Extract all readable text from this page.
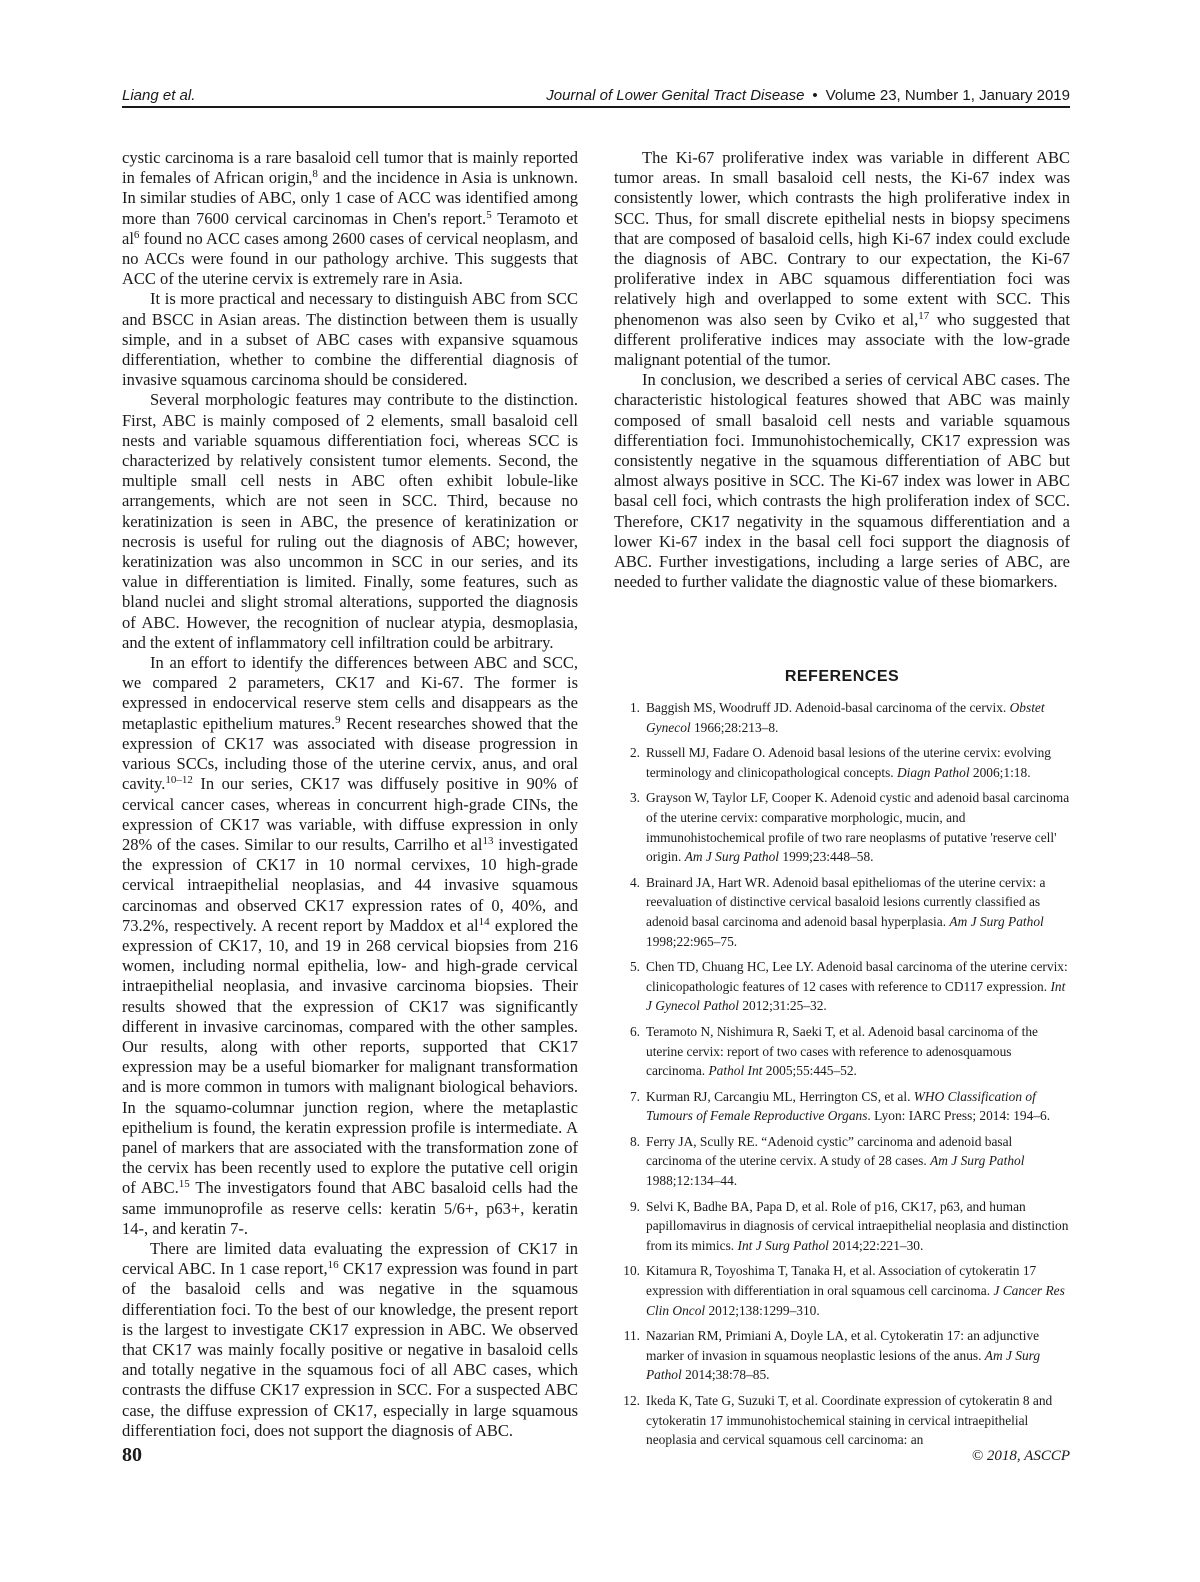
Liang et al.	Journal of Lower Genital Tract Disease • Volume 23, Number 1, January 2019

cystic carcinoma is a rare basaloid cell tumor that is mainly reported in females of African origin,$^8$ and the incidence in Asia is unknown. In similar studies of ABC, only 1 case of ACC was identified among more than 7600 cervical carcinomas in Chen's report.$^5$ Teramoto et $al^6$ found no ACC cases among 2600 cases of cervical neoplasm, and no ACCs were found in our pathology archive. This suggests that ACC of the uterine cervix is extremely rare in Asia.

It is more practical and necessary to distinguish ABC from SCC and BSCC in Asian areas. The distinction between them is usually simple, and in a subset of ABC cases with expansive squamous differentiation, whether to combine the differential diagnosis of invasive squamous carcinoma should be considered.

Several morphologic features may contribute to the distinction. First, ABC is mainly composed of 2 elements, small basaloid cell nests and variable squamous differentiation foci, whereas SCC is characterized by relatively consistent tumor elements. Second, the multiple small cell nests in ABC often exhibit lobule-like arrangements, which are not seen in SCC. Third, because no keratinization is seen in ABC, the presence of keratinization or necrosis is useful for ruling out the diagnosis of ABC; however, keratinization was also uncommon in SCC in our series, and its value in differentiation is limited. Finally, some features, such as bland nuclei and slight stromal alterations, supported the diagnosis of ABC. However, the recognition of nuclear atypia, desmoplasia, and the extent of inflammatory cell infiltration could be arbitrary.

In an effort to identify the differences between ABC and SCC, we compared 2 parameters, CK17 and Ki-67. The former is expressed in endocervical reserve stem cells and disappears as the metaplastic epithelium matures.$^9$ Recent researches showed that the expression of CK17 was associated with disease progression in various SCCs, including those of the uterine cervix, anus, and oral cavity.$^{10-12}$ In our series, CK17 was diffusely positive in 90% of cervical cancer cases, whereas in concurrent high-grade CINs, the expression of CK17 was variable, with diffuse expression in only 28% of the cases. Similar to our results, Carrilho et $al^{13}$ investigated the expression of CK17 in 10 normal cervixes, 10 high-grade cervical intraepithelial neoplasias, and 44 invasive squamous carcinomas and observed CK17 expression rates of 0, 40%, and 73.2%, respectively. A recent report by Maddox et $al^{14}$ explored the expression of CK17, 10, and 19 in 268 cervical biopsies from 216 women, including normal epithelia, low- and high-grade cervical intraepithelial neoplasia, and invasive carcinoma biopsies. Their results showed that the expression of CK17 was significantly different in invasive carcinomas, compared with the other samples. Our results, along with other reports, supported that CK17 expression may be a useful biomarker for malignant transformation and is more common in tumors with malignant biological behaviors. In the squamo-columnar junction region, where the metaplastic epithelium is found, the keratin expression profile is intermediate. A panel of markers that are associated with the transformation zone of the cervix has been recently used to explore the putative cell origin of ABC.$^{15}$ The investigators found that ABC basaloid cells had the same immunoprofile as reserve cells: keratin 5/6+, p63+, keratin 14-, and keratin 7-.

There are limited data evaluating the expression of CK17 in cervical ABC. In 1 case report,$^{16}$ CK17 expression was found in part of the basaloid cells and was negative in the squamous differentiation foci. To the best of our knowledge, the present report is the largest to investigate CK17 expression in ABC. We observed that CK17 was mainly focally positive or negative in basaloid cells and totally negative in the squamous foci of all ABC cases, which contrasts the diffuse CK17 expression in SCC. For a suspected ABC case, the diffuse expression of CK17, especially in large squamous differentiation foci, does not support the diagnosis of ABC.

The Ki-67 proliferative index was variable in different ABC tumor areas. In small basaloid cell nests, the Ki-67 index was consistently lower, which contrasts the high proliferative index in SCC. Thus, for small discrete epithelial nests in biopsy specimens that are composed of basaloid cells, high Ki-67 index could exclude the diagnosis of ABC. Contrary to our expectation, the Ki-67 proliferative index in ABC squamous differentiation foci was relatively high and overlapped to some extent with SCC. This phenomenon was also seen by Cviko et al,$^{17}$ who suggested that different proliferative indices may associate with the low-grade malignant potential of the tumor.

In conclusion, we described a series of cervical ABC cases. The characteristic histological features showed that ABC was mainly composed of small basaloid cell nests and variable squamous differentiation foci. Immunohistochemically, CK17 expression was consistently negative in the squamous differentiation of ABC but almost always positive in SCC. The Ki-67 index was lower in ABC basal cell foci, which contrasts the high proliferation index of SCC. Therefore, CK17 negativity in the squamous differentiation and a lower Ki-67 index in the basal cell foci support the diagnosis of ABC. Further investigations, including a large series of ABC, are needed to further validate the diagnostic value of these biomarkers.

REFERENCES
1. Baggish MS, Woodruff JD. Adenoid-basal carcinoma of the cervix. Obstet Gynecol 1966;28:213–8.
2. Russell MJ, Fadare O. Adenoid basal lesions of the uterine cervix: evolving terminology and clinicopathological concepts. Diagn Pathol 2006;1:18.
3. Grayson W, Taylor LF, Cooper K. Adenoid cystic and adenoid basal carcinoma of the uterine cervix: comparative morphologic, mucin, and immunohistochemical profile of two rare neoplasms of putative 'reserve cell' origin. Am J Surg Pathol 1999;23:448–58.
4. Brainard JA, Hart WR. Adenoid basal epitheliomas of the uterine cervix: a reevaluation of distinctive cervical basaloid lesions currently classified as adenoid basal carcinoma and adenoid basal hyperplasia. Am J Surg Pathol 1998;22:965–75.
5. Chen TD, Chuang HC, Lee LY. Adenoid basal carcinoma of the uterine cervix: clinicopathologic features of 12 cases with reference to CD117 expression. Int J Gynecol Pathol 2012;31:25–32.
6. Teramoto N, Nishimura R, Saeki T, et al. Adenoid basal carcinoma of the uterine cervix: report of two cases with reference to adenosquamous carcinoma. Pathol Int 2005;55:445–52.
7. Kurman RJ, Carcangiu ML, Herrington CS, et al. WHO Classification of Tumours of Female Reproductive Organs. Lyon: IARC Press; 2014: 194–6.
8. Ferry JA, Scully RE. “Adenoid cystic” carcinoma and adenoid basal carcinoma of the uterine cervix. A study of 28 cases. Am J Surg Pathol 1988;12:134–44.
9. Selvi K, Badhe BA, Papa D, et al. Role of p16, CK17, p63, and human papillomavirus in diagnosis of cervical intraepithelial neoplasia and distinction from its mimics. Int J Surg Pathol 2014;22:221–30.
10. Kitamura R, Toyoshima T, Tanaka H, et al. Association of cytokeratin 17 expression with differentiation in oral squamous cell carcinoma. J Cancer Res Clin Oncol 2012;138:1299–310.
11. Nazarian RM, Primiani A, Doyle LA, et al. Cytokeratin 17: an adjunctive marker of invasion in squamous neoplastic lesions of the anus. Am J Surg Pathol 2014;38:78–85.
12. Ikeda K, Tate G, Suzuki T, et al. Coordinate expression of cytokeratin 8 and cytokeratin 17 immunohistochemical staining in cervical intraepithelial neoplasia and cervical squamous cell carcinoma: an
80	© 2018, ASCCP
